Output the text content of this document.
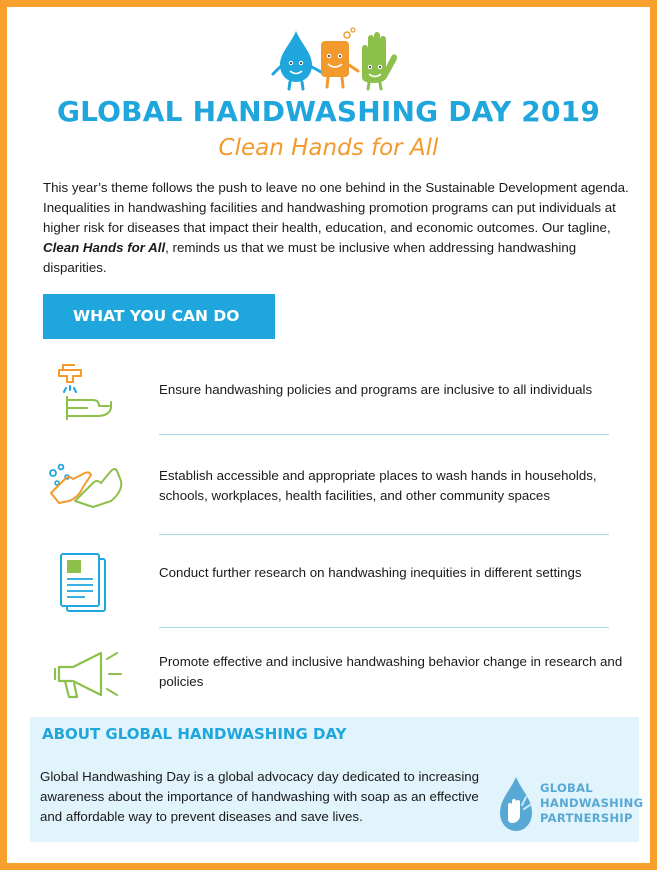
GLOBAL HANDWASHING DAY 2019
Clean Hands for All
This year’s theme follows the push to leave no one behind in the Sustainable Development agenda. Inequalities in handwashing facilities and handwashing promotion programs can put individuals at higher risk for diseases that impact their health, education, and economic outcomes. Our tagline, Clean Hands for All, reminds us that we must be inclusive when addressing handwashing disparities.
WHAT YOU CAN DO
Ensure handwashing policies and programs are inclusive to all individuals
Establish accessible and appropriate places to wash hands in households, schools, workplaces, health facilities, and other community spaces
Conduct further research on handwashing inequities in different settings
Promote effective and inclusive handwashing behavior change in research and policies
ABOUT GLOBAL HANDWASHING DAY
Global Handwashing Day is a global advocacy day dedicated to increasing awareness about the importance of handwashing with soap as an effective and affordable way to prevent diseases and save lives.
GLOBAL
HANDWASHING
PARTNERSHIP
